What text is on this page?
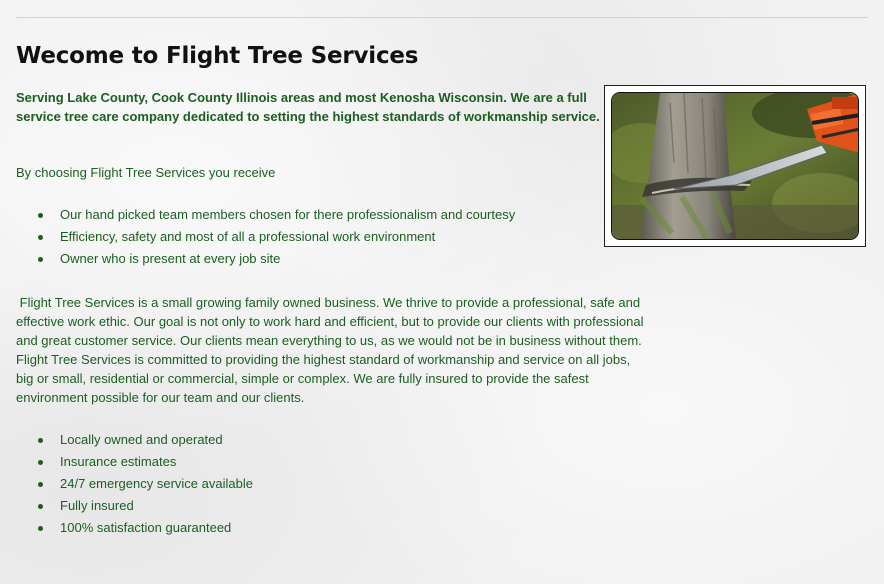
Wecome to Flight Tree Services

Serving Lake County, Cook County Illinois areas and most Kenosha Wisconsin. We are a full service tree care company dedicated to setting the highest standards of workmanship service.

By choosing Flight Tree Services you receive

Our hand picked team members chosen for there professionalism and courtesy
Efficiency, safety and most of all a professional work environment
Owner who is present at every job site

Flight Tree Services is a small growing family owned business. We thrive to provide a professional, safe and effective work ethic. Our goal is not only to work hard and efficient, but to provide our clients with professional and great customer service. Our clients mean everything to us, as we would not be in business without them. Flight Tree Services is committed to providing the highest standard of workmanship and service on all jobs, big or small, residential or commercial, simple or complex. We are fully insured to provide the safest environment possible for our team and our clients.

Locally owned and operated
Insurance estimates
24/7 emergency service available
Fully insured
100% satisfaction guaranteed
